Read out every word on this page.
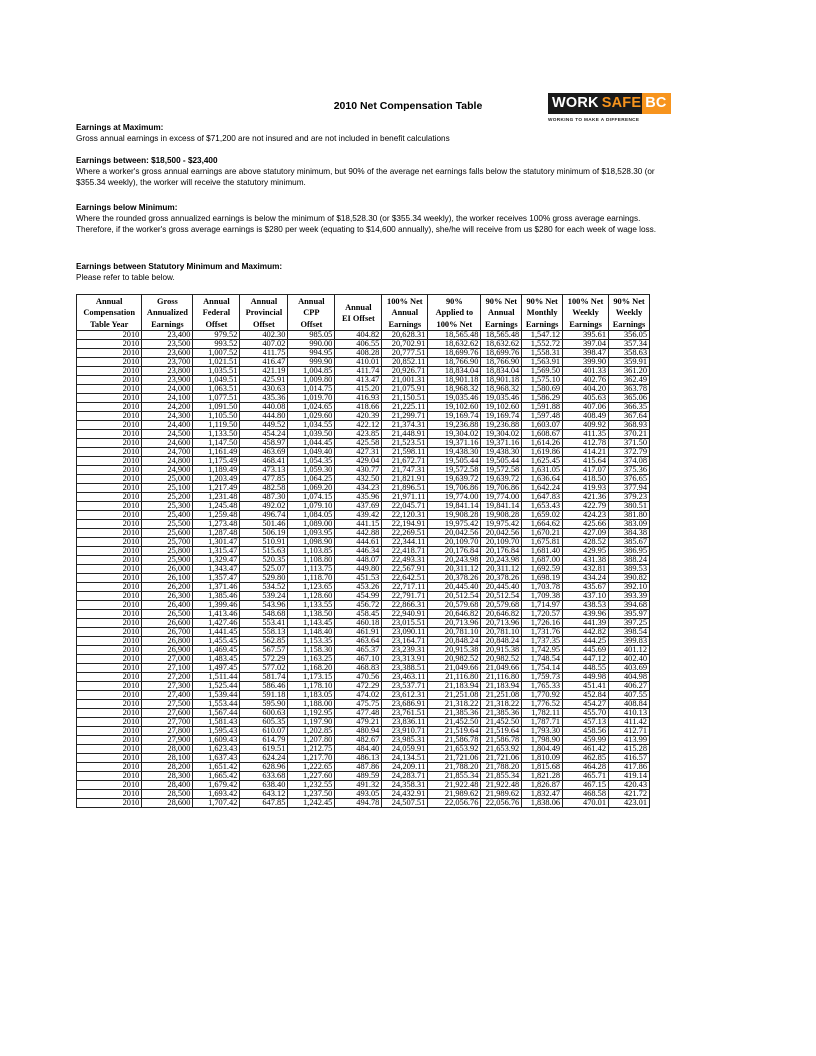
2010 Net Compensation Table	WORK SAFE BC
WORKING TO MAKE A DIFFERENCE
Earnings at Maximum:
Gross annual earnings in excess of $71,200 are not insured and are not included in benefit calculations
Earnings between: $18,500 - $23,400
Where a worker's gross annual earnings are above statutory minimum, but 90% of the average net earnings falls below the statutory minimum of $18,528.30 (or $355.34 weekly), the worker will receive the statutory minimum.
Earnings below Minimum:
Where the rounded gross annualized earnings is below the minimum of $18,528.30 (or $355.34 weekly), the worker receives 100% gross average earnings. Therefore, if the worker's gross average earnings is $280 per week (equating to $14,600 annually), she/he will receive from us $280 for each week of wage loss.
Earnings between Statutory Minimum and Maximum:
Please refer to table below.
Annual
Compensation
Table Year	Gross
Annualized
Earnings	Annual
Federal
Offset	Annual
Provincial
Offset	Annual
CPP
Offset	Annual
EI Offset	100% Net
Annual
Earnings	90%
Applied to
100% Net	90% Net
Annual
Earnings	90% Net
Monthly
Earnings	100% Net
Weekly
Earnings	90% Net
Weekly
Earnings
2010	23,400	979.52	402.30	985.05	404.82	20,628.31	18,565.48	18,565.48	1,547.12	395.61	356.05
2010	23,500	993.52	407.02	990.00	406.55	20,702.91	18,632.62	18,632.62	1,552.72	397.04	357.34
2010	23,600	1,007.52	411.75	994.95	408.28	20,777.51	18,699.76	18,699.76	1,558.31	398.47	358.63
2010	23,700	1,021.51	416.47	999.90	410.01	20,852.11	18,766.90	18,766.90	1,563.91	399.90	359.91
2010	23,800	1,035.51	421.19	1,004.85	411.74	20,926.71	18,834.04	18,834.04	1,569.50	401.33	361.20
2010	23,900	1,049.51	425.91	1,009.80	413.47	21,001.31	18,901.18	18,901.18	1,575.10	402.76	362.49
2010	24,000	1,063.51	430.63	1,014.75	415.20	21,075.91	18,968.32	18,968.32	1,580.69	404.20	363.78
2010	24,100	1,077.51	435.36	1,019.70	416.93	21,150.51	19,035.46	19,035.46	1,586.29	405.63	365.06
2010	24,200	1,091.50	440.08	1,024.65	418.66	21,225.11	19,102.60	19,102.60	1,591.88	407.06	366.35
2010	24,300	1,105.50	444.80	1,029.60	420.39	21,299.71	19,169.74	19,169.74	1,597.48	408.49	367.64
2010	24,400	1,119.50	449.52	1,034.55	422.12	21,374.31	19,236.88	19,236.88	1,603.07	409.92	368.93
2010	24,500	1,133.50	454.24	1,039.50	423.85	21,448.91	19,304.02	19,304.02	1,608.67	411.35	370.21
2010	24,600	1,147.50	458.97	1,044.45	425.58	21,523.51	19,371.16	19,371.16	1,614.26	412.78	371.50
2010	24,700	1,161.49	463.69	1,049.40	427.31	21,598.11	19,438.30	19,438.30	1,619.86	414.21	372.79
2010	24,800	1,175.49	468.41	1,054.35	429.04	21,672.71	19,505.44	19,505.44	1,625.45	415.64	374.08
2010	24,900	1,189.49	473.13	1,059.30	430.77	21,747.31	19,572.58	19,572.58	1,631.05	417.07	375.36
2010	25,000	1,203.49	477.85	1,064.25	432.50	21,821.91	19,639.72	19,639.72	1,636.64	418.50	376.65
2010	25,100	1,217.49	482.58	1,069.20	434.23	21,896.51	19,706.86	19,706.86	1,642.24	419.93	377.94
2010	25,200	1,231.48	487.30	1,074.15	435.96	21,971.11	19,774.00	19,774.00	1,647.83	421.36	379.23
2010	25,300	1,245.48	492.02	1,079.10	437.69	22,045.71	19,841.14	19,841.14	1,653.43	422.79	380.51
2010	25,400	1,259.48	496.74	1,084.05	439.42	22,120.31	19,908.28	19,908.28	1,659.02	424.23	381.80
2010	25,500	1,273.48	501.46	1,089.00	441.15	22,194.91	19,975.42	19,975.42	1,664.62	425.66	383.09
2010	25,600	1,287.48	506.19	1,093.95	442.88	22,269.51	20,042.56	20,042.56	1,670.21	427.09	384.38
2010	25,700	1,301.47	510.91	1,098.90	444.61	22,344.11	20,109.70	20,109.70	1,675.81	428.52	385.67
2010	25,800	1,315.47	515.63	1,103.85	446.34	22,418.71	20,176.84	20,176.84	1,681.40	429.95	386.95
2010	25,900	1,329.47	520.35	1,108.80	448.07	22,493.31	20,243.98	20,243.98	1,687.00	431.38	388.24
2010	26,000	1,343.47	525.07	1,113.75	449.80	22,567.91	20,311.12	20,311.12	1,692.59	432.81	389.53
2010	26,100	1,357.47	529.80	1,118.70	451.53	22,642.51	20,378.26	20,378.26	1,698.19	434.24	390.82
2010	26,200	1,371.46	534.52	1,123.65	453.26	22,717.11	20,445.40	20,445.40	1,703.78	435.67	392.10
2010	26,300	1,385.46	539.24	1,128.60	454.99	22,791.71	20,512.54	20,512.54	1,709.38	437.10	393.39
2010	26,400	1,399.46	543.96	1,133.55	456.72	22,866.31	20,579.68	20,579.68	1,714.97	438.53	394.68
2010	26,500	1,413.46	548.68	1,138.50	458.45	22,940.91	20,646.82	20,646.82	1,720.57	439.96	395.97
2010	26,600	1,427.46	553.41	1,143.45	460.18	23,015.51	20,713.96	20,713.96	1,726.16	441.39	397.25
2010	26,700	1,441.45	558.13	1,148.40	461.91	23,090.11	20,781.10	20,781.10	1,731.76	442.82	398.54
2010	26,800	1,455.45	562.85	1,153.35	463.64	23,164.71	20,848.24	20,848.24	1,737.35	444.25	399.83
2010	26,900	1,469.45	567.57	1,158.30	465.37	23,239.31	20,915.38	20,915.38	1,742.95	445.69	401.12
2010	27,000	1,483.45	572.29	1,163.25	467.10	23,313.91	20,982.52	20,982.52	1,748.54	447.12	402.40
2010	27,100	1,497.45	577.02	1,168.20	468.83	23,388.51	21,049.66	21,049.66	1,754.14	448.55	403.69
2010	27,200	1,511.44	581.74	1,173.15	470.56	23,463.11	21,116.80	21,116.80	1,759.73	449.98	404.98
2010	27,300	1,525.44	586.46	1,178.10	472.29	23,537.71	21,183.94	21,183.94	1,765.33	451.41	406.27
2010	27,400	1,539.44	591.18	1,183.05	474.02	23,612.31	21,251.08	21,251.08	1,770.92	452.84	407.55
2010	27,500	1,553.44	595.90	1,188.00	475.75	23,686.91	21,318.22	21,318.22	1,776.52	454.27	408.84
2010	27,600	1,567.44	600.63	1,192.95	477.48	23,761.51	21,385.36	21,385.36	1,782.11	455.70	410.13
2010	27,700	1,581.43	605.35	1,197.90	479.21	23,836.11	21,452.50	21,452.50	1,787.71	457.13	411.42
2010	27,800	1,595.43	610.07	1,202.85	480.94	23,910.71	21,519.64	21,519.64	1,793.30	458.56	412.71
2010	27,900	1,609.43	614.79	1,207.80	482.67	23,985.31	21,586.78	21,586.78	1,798.90	459.99	413.99
2010	28,000	1,623.43	619.51	1,212.75	484.40	24,059.91	21,653.92	21,653.92	1,804.49	461.42	415.28
2010	28,100	1,637.43	624.24	1,217.70	486.13	24,134.51	21,721.06	21,721.06	1,810.09	462.85	416.57
2010	28,200	1,651.42	628.96	1,222.65	487.86	24,209.11	21,788.20	21,788.20	1,815.68	464.28	417.86
2010	28,300	1,665.42	633.68	1,227.60	489.59	24,283.71	21,855.34	21,855.34	1,821.28	465.71	419.14
2010	28,400	1,679.42	638.40	1,232.55	491.32	24,358.31	21,922.48	21,922.48	1,826.87	467.15	420.43
2010	28,500	1,693.42	643.12	1,237.50	493.05	24,432.91	21,989.62	21,989.62	1,832.47	468.58	421.72
2010	28,600	1,707.42	647.85	1,242.45	494.78	24,507.51	22,056.76	22,056.76	1,838.06	470.01	423.01
